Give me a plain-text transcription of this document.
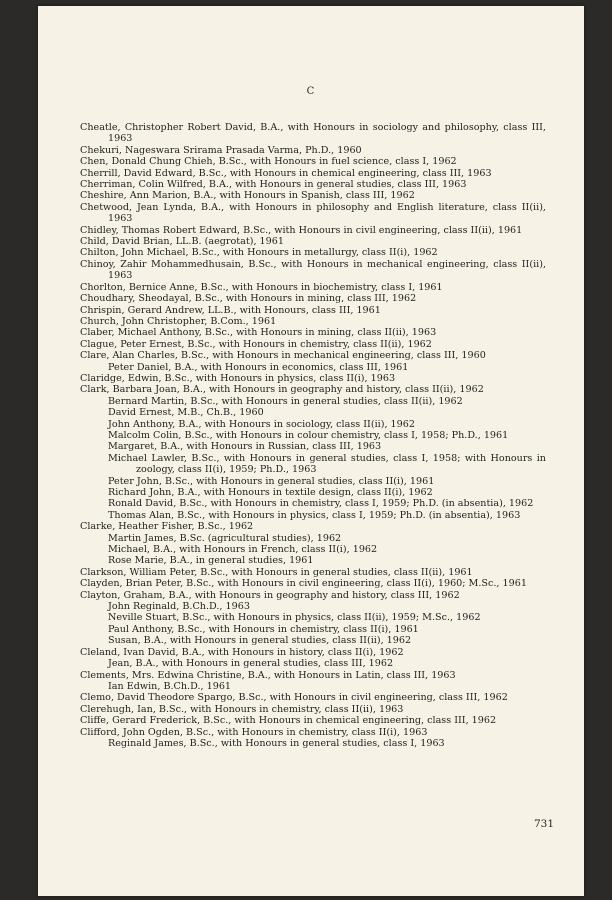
C

Cheatle, Christopher Robert David, B.A., with Honours in sociology and philosophy, class III, 1963

Chekuri, Nageswara Srirama Prasada Varma, Ph.D., 1960

Chen, Donald Chung Chieh, B.Sc., with Honours in fuel science, class I, 1962

Cherrill, David Edward, B.Sc., with Honours in chemical engineering, class III, 1963

Cherriman, Colin Wilfred, B.A., with Honours in general studies, class III, 1963

Cheshire, Ann Marion, B.A., with Honours in Spanish, class III, 1962

Chetwood, Jean Lynda, B.A., with Honours in philosophy and English literature, class II(ii), 1963

Chidley, Thomas Robert Edward, B.Sc., with Honours in civil engineering, class II(ii), 1961

Child, David Brian, LL.B. (aegrotat), 1961

Chilton, John Michael, B.Sc., with Honours in metallurgy, class II(i), 1962

Chinoy, Zahir Mohammedhusain, B.Sc., with Honours in mechanical engineering, class II(ii), 1963

Chorlton, Bernice Anne, B.Sc., with Honours in biochemistry, class I, 1961

Choudhary, Sheodayal, B.Sc., with Honours in mining, class III, 1962

Chrispin, Gerard Andrew, LL.B., with Honours, class III, 1961

Church, John Christopher, B.Com., 1961

Claber, Michael Anthony, B.Sc., with Honours in mining, class II(ii), 1963

Clague, Peter Ernest, B.Sc., with Honours in chemistry, class II(ii), 1962

Clare, Alan Charles, B.Sc., with Honours in mechanical engineering, class III, 1960

Peter Daniel, B.A., with Honours in economics, class III, 1961

Claridge, Edwin, B.Sc., with Honours in physics, class II(i), 1963

Clark, Barbara Joan, B.A., with Honours in geography and history, class II(ii), 1962

Bernard Martin, B.Sc., with Honours in general studies, class II(ii), 1962

David Ernest, M.B., Ch.B., 1960

John Anthony, B.A., with Honours in sociology, class II(ii), 1962

Malcolm Colin, B.Sc., with Honours in colour chemistry, class I, 1958; Ph.D., 1961

Margaret, B.A., with Honours in Russian, class III, 1963

Michael Lawler, B.Sc., with Honours in general studies, class I, 1958; with Honours in zoology, class II(i), 1959; Ph.D., 1963

Peter John, B.Sc., with Honours in general studies, class II(i), 1961

Richard John, B.A., with Honours in textile design, class II(i), 1962

Ronald David, B.Sc., with Honours in chemistry, class I, 1959; Ph.D. (in absentia), 1962

Thomas Alan, B.Sc., with Honours in physics, class I, 1959; Ph.D. (in absentia), 1963

Clarke, Heather Fisher, B.Sc., 1962

Martin James, B.Sc. (agricultural studies), 1962

Michael, B.A., with Honours in French, class II(i), 1962

Rose Marie, B.A., in general studies, 1961

Clarkson, William Peter, B.Sc., with Honours in general studies, class II(ii), 1961

Clayden, Brian Peter, B.Sc., with Honours in civil engineering, class II(i), 1960; M.Sc., 1961

Clayton, Graham, B.A., with Honours in geography and history, class III, 1962

John Reginald, B.Ch.D., 1963

Neville Stuart, B.Sc., with Honours in physics, class II(ii), 1959; M.Sc., 1962

Paul Anthony, B.Sc., with Honours in chemistry, class II(i), 1961

Susan, B.A., with Honours in general studies, class II(ii), 1962

Cleland, Ivan David, B.A., with Honours in history, class II(i), 1962

Jean, B.A., with Honours in general studies, class III, 1962

Clements, Mrs. Edwina Christine, B.A., with Honours in Latin, class III, 1963

Ian Edwin, B.Ch.D., 1961

Clemo, David Theodore Spargo, B.Sc., with Honours in civil engineering, class III, 1962

Clerehugh, Ian, B.Sc., with Honours in chemistry, class II(ii), 1963

Cliffe, Gerard Frederick, B.Sc., with Honours in chemical engineering, class III, 1962

Clifford, John Ogden, B.Sc., with Honours in chemistry, class II(i), 1963

Reginald James, B.Sc., with Honours in general studies, class I, 1963

731
